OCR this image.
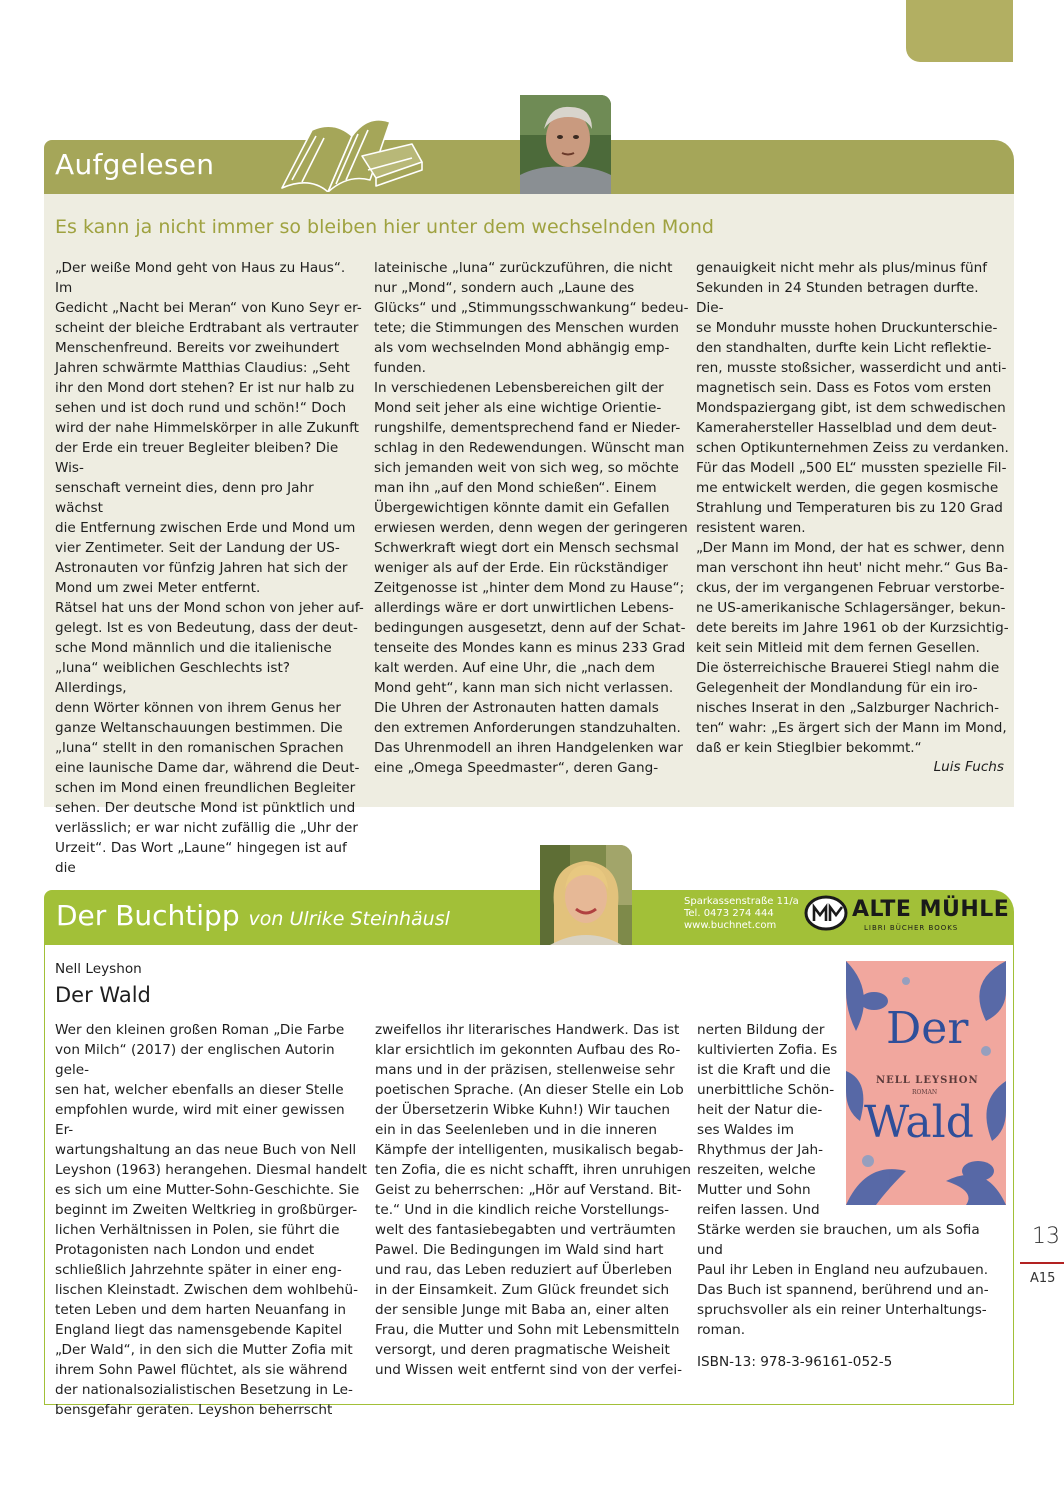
Aufgelesen
Es kann ja nicht immer so bleiben hier unter dem wechselnden Mond
„Der weiße Mond geht von Haus zu Haus“. Im
Gedicht „Nacht bei Meran“ von Kuno Seyr er-
scheint der bleiche Erdtrabant als vertrauter
Menschenfreund. Bereits vor zweihundert
Jahren schwärmte Matthias Claudius: „Seht
ihr den Mond dort stehen? Er ist nur halb zu
sehen und ist doch rund und schön!“ Doch
wird der nahe Himmelskörper in alle Zukunft
der Erde ein treuer Begleiter bleiben? Die Wis-
senschaft verneint dies, denn pro Jahr wächst
die Entfernung zwischen Erde und Mond um
vier Zentimeter. Seit der Landung der US-
Astronauten vor fünfzig Jahren hat sich der
Mond um zwei Meter entfernt.
Rätsel hat uns der Mond schon von jeher auf-
gelegt. Ist es von Bedeutung, dass der deut-
sche Mond männlich und die italienische
„luna“ weiblichen Geschlechts ist? Allerdings,
denn Wörter können von ihrem Genus her
ganze Weltanschauungen bestimmen. Die
„luna“ stellt in den romanischen Sprachen
eine launische Dame dar, während die Deut-
schen im Mond einen freundlichen Begleiter
sehen. Der deutsche Mond ist pünktlich und
verlässlich; er war nicht zufällig die „Uhr der
Urzeit“. Das Wort „Laune“ hingegen ist auf die
lateinische „luna“ zurückzuführen, die nicht
nur „Mond“, sondern auch „Laune des
Glücks“ und „Stimmungsschwankung“ bedeu-
tete; die Stimmungen des Menschen wurden
als vom wechselnden Mond abhängig emp-
funden.
In verschiedenen Lebensbereichen gilt der
Mond seit jeher als eine wichtige Orientie-
rungshilfe, dementsprechend fand er Nieder-
schlag in den Redewendungen. Wünscht man
sich jemanden weit von sich weg, so möchte
man ihn „auf den Mond schießen“. Einem
Übergewichtigen könnte damit ein Gefallen
erwiesen werden, denn wegen der geringeren
Schwerkraft wiegt dort ein Mensch sechsmal
weniger als auf der Erde. Ein rückständiger
Zeitgenosse ist „hinter dem Mond zu Hause“;
allerdings wäre er dort unwirtlichen Lebens-
bedingungen ausgesetzt, denn auf der Schat-
tenseite des Mondes kann es minus 233 Grad
kalt werden. Auf eine Uhr, die „nach dem
Mond geht“, kann man sich nicht verlassen.
Die Uhren der Astronauten hatten damals
den extremen Anforderungen standzuhalten.
Das Uhrenmodell an ihren Handgelenken war
eine „Omega Speedmaster“, deren Gang-
genauigkeit nicht mehr als plus/minus fünf
Sekunden in 24 Stunden betragen durfte. Die-
se Monduhr musste hohen Druckunterschie-
den standhalten, durfte kein Licht reflektie-
ren, musste stoßsicher, wasserdicht und anti-
magnetisch sein. Dass es Fotos vom ersten
Mondspaziergang gibt, ist dem schwedischen
Kamerahersteller Hasselblad und dem deut-
schen Optikunternehmen Zeiss zu verdanken.
Für das Modell „500 EL“ mussten spezielle Fil-
me entwickelt werden, die gegen kosmische
Strahlung und Temperaturen bis zu 120 Grad
resistent waren.
„Der Mann im Mond, der hat es schwer, denn
man verschont ihn heut' nicht mehr.“ Gus Ba-
ckus, der im vergangenen Februar verstorbe-
ne US-amerikanische Schlagersänger, bekun-
dete bereits im Jahre 1961 ob der Kurzsichtig-
keit sein Mitleid mit dem fernen Gesellen.
Die österreichische Brauerei Stiegl nahm die
Gelegenheit der Mondlandung für ein iro-
nisches Inserat in den „Salzburger Nachrich-
ten“ wahr: „Es ärgert sich der Mann im Mond,
daß er kein Stieglbier bekommt.“
Luis Fuchs
Der Buchtipp von Ulrike Steinhäusl
Sparkassenstraße 11/a
Tel. 0473 274 444
www.buchnet.com
ALTE MÜHLE
LIBRI BÜCHER BOOKS
Nell Leyshon
Der Wald
Wer den kleinen großen Roman „Die Farbe
von Milch“ (2017) der englischen Autorin gele-
sen hat, welcher ebenfalls an dieser Stelle
empfohlen wurde, wird mit einer gewissen Er-
wartungshaltung an das neue Buch von Nell
Leyshon (1963) herangehen. Diesmal handelt
es sich um eine Mutter-Sohn-Geschichte. Sie
beginnt im Zweiten Weltkrieg in großbürger-
lichen Verhältnissen in Polen, sie führt die
Protagonisten nach London und endet
schließlich Jahrzehnte später in einer eng-
lischen Kleinstadt. Zwischen dem wohlbehü-
teten Leben und dem harten Neuanfang in
England liegt das namensgebende Kapitel
„Der Wald“, in den sich die Mutter Zofia mit
ihrem Sohn Pawel flüchtet, als sie während
der nationalsozialistischen Besetzung in Le-
bensgefahr geraten. Leyshon beherrscht
zweifellos ihr literarisches Handwerk. Das ist
klar ersichtlich im gekonnten Aufbau des Ro-
mans und in der präzisen, stellenweise sehr
poetischen Sprache. (An dieser Stelle ein Lob
der Übersetzerin Wibke Kuhn!) Wir tauchen
ein in das Seelenleben und in die inneren
Kämpfe der intelligenten, musikalisch begab-
ten Zofia, die es nicht schafft, ihren unruhigen
Geist zu beherrschen: „Hör auf Verstand. Bit-
te.“ Und in die kindlich reiche Vorstellungs-
welt des fantasiebegabten und verträumten
Pawel. Die Bedingungen im Wald sind hart
und rau, das Leben reduziert auf Überleben
in der Einsamkeit. Zum Glück freundet sich
der sensible Junge mit Baba an, einer alten
Frau, die Mutter und Sohn mit Lebensmitteln
versorgt, und deren pragmatische Weisheit
und Wissen weit entfernt sind von der verfei-
nerten Bildung der
kultivierten Zofia. Es
ist die Kraft und die
unerbittliche Schön-
heit der Natur die-
ses Waldes im
Rhythmus der Jah-
reszeiten, welche
Mutter und Sohn
reifen lassen. Und
Stärke werden sie brauchen, um als Sofia und
Paul ihr Leben in England neu aufzubauen.
Das Buch ist spannend, berührend und an-
spruchsvoller als ein reiner Unterhaltungs-
roman.
ISBN-13: 978-3-96161-052-5
Der
NELL LEYSHON
ROMAN
Wald
13
A15
